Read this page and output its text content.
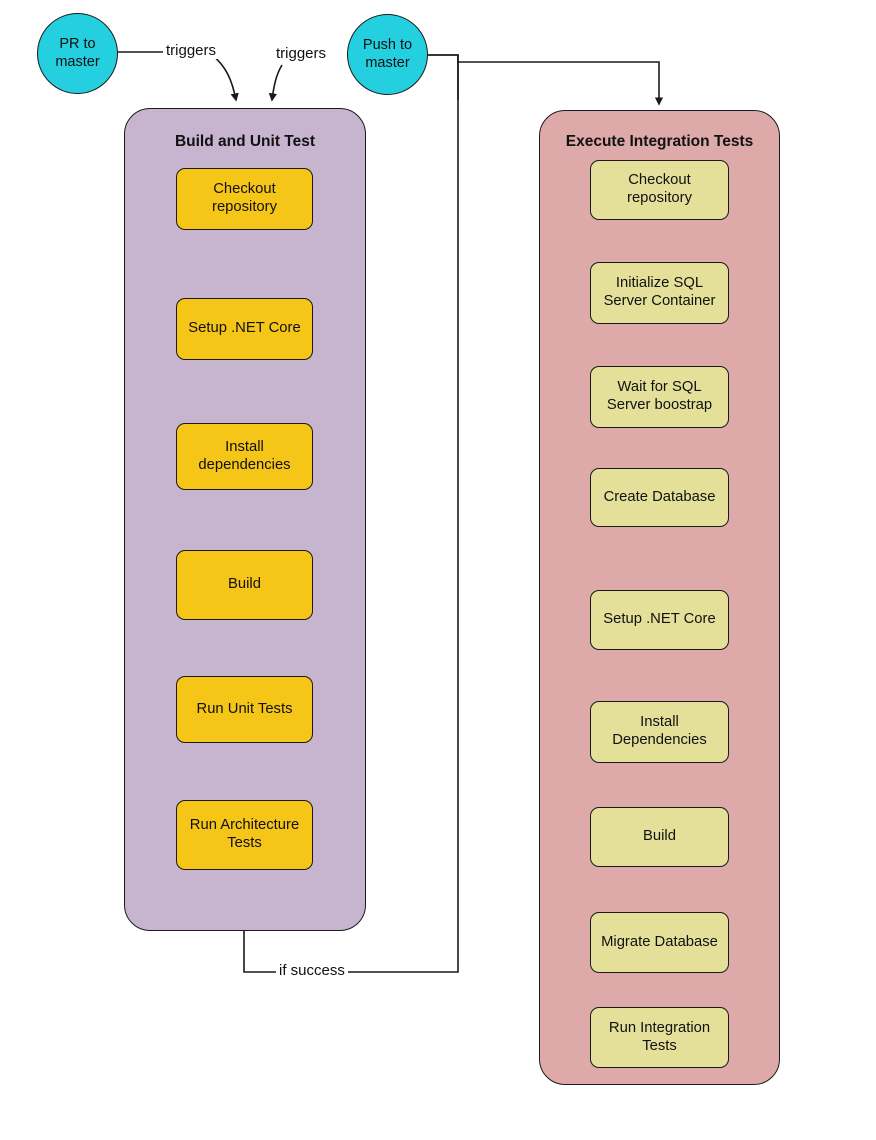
PR to
master
Push to
master
triggers	triggers
if success
Build and Unit Test
Checkout
repository
Setup .NET Core
Install
dependencies
Build
Run Unit Tests
Run Architecture
Tests
Execute Integration Tests
Checkout
repository
Initialize SQL
Server Container
Wait for SQL
Server boostrap
Create Database
Setup .NET Core
Install
Dependencies
Build
Migrate Database
Run Integration
Tests
